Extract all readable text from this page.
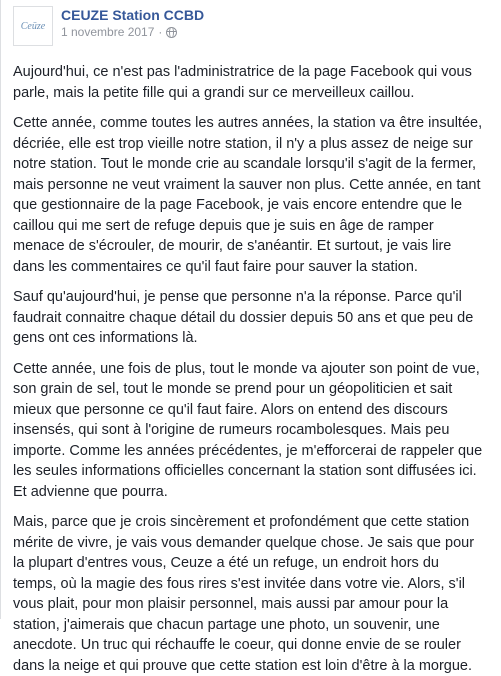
Ceüze
CEUZE Station CCBD
1 novembre 2017 ·

Aujourd'hui, ce n'est pas l'administratrice de la page Facebook qui vous parle, mais la petite fille qui a grandi sur ce merveilleux caillou.

Cette année, comme toutes les autres années, la station va être insultée, décriée, elle est trop vieille notre station, il n'y a plus assez de neige sur notre station. Tout le monde crie au scandale lorsqu'il s'agit de la fermer, mais personne ne veut vraiment la sauver non plus. Cette année, en tant que gestionnaire de la page Facebook, je vais encore entendre que le caillou qui me sert de refuge depuis que je suis en âge de ramper menace de s'écrouler, de mourir, de s'anéantir. Et surtout, je vais lire dans les commentaires ce qu'il faut faire pour sauver la station.

Sauf qu'aujourd'hui, je pense que personne n'a la réponse. Parce qu'il faudrait connaitre chaque détail du dossier depuis 50 ans et que peu de gens ont ces informations là.

Cette année, une fois de plus, tout le monde va ajouter son point de vue, son grain de sel, tout le monde se prend pour un géopoliticien et sait mieux que personne ce qu'il faut faire. Alors on entend des discours insensés, qui sont à l'origine de rumeurs rocambolesques. Mais peu importe. Comme les années précédentes, je m'efforcerai de rappeler que les seules informations officielles concernant la station sont diffusées ici. Et advienne que pourra.

Mais, parce que je crois sincèrement et profondément que cette station mérite de vivre, je vais vous demander quelque chose. Je sais que pour la plupart d'entres vous, Ceuze a été un refuge, un endroit hors du temps, où la magie des fous rires s'est invitée dans votre vie. Alors, s'il vous plait, pour mon plaisir personnel, mais aussi par amour pour la station, j'aimerais que chacun partage une photo, un souvenir, une anecdote. Un truc qui réchauffe le coeur, qui donne envie de se rouler dans la neige et qui prouve que cette station est loin d'être à la morgue.
